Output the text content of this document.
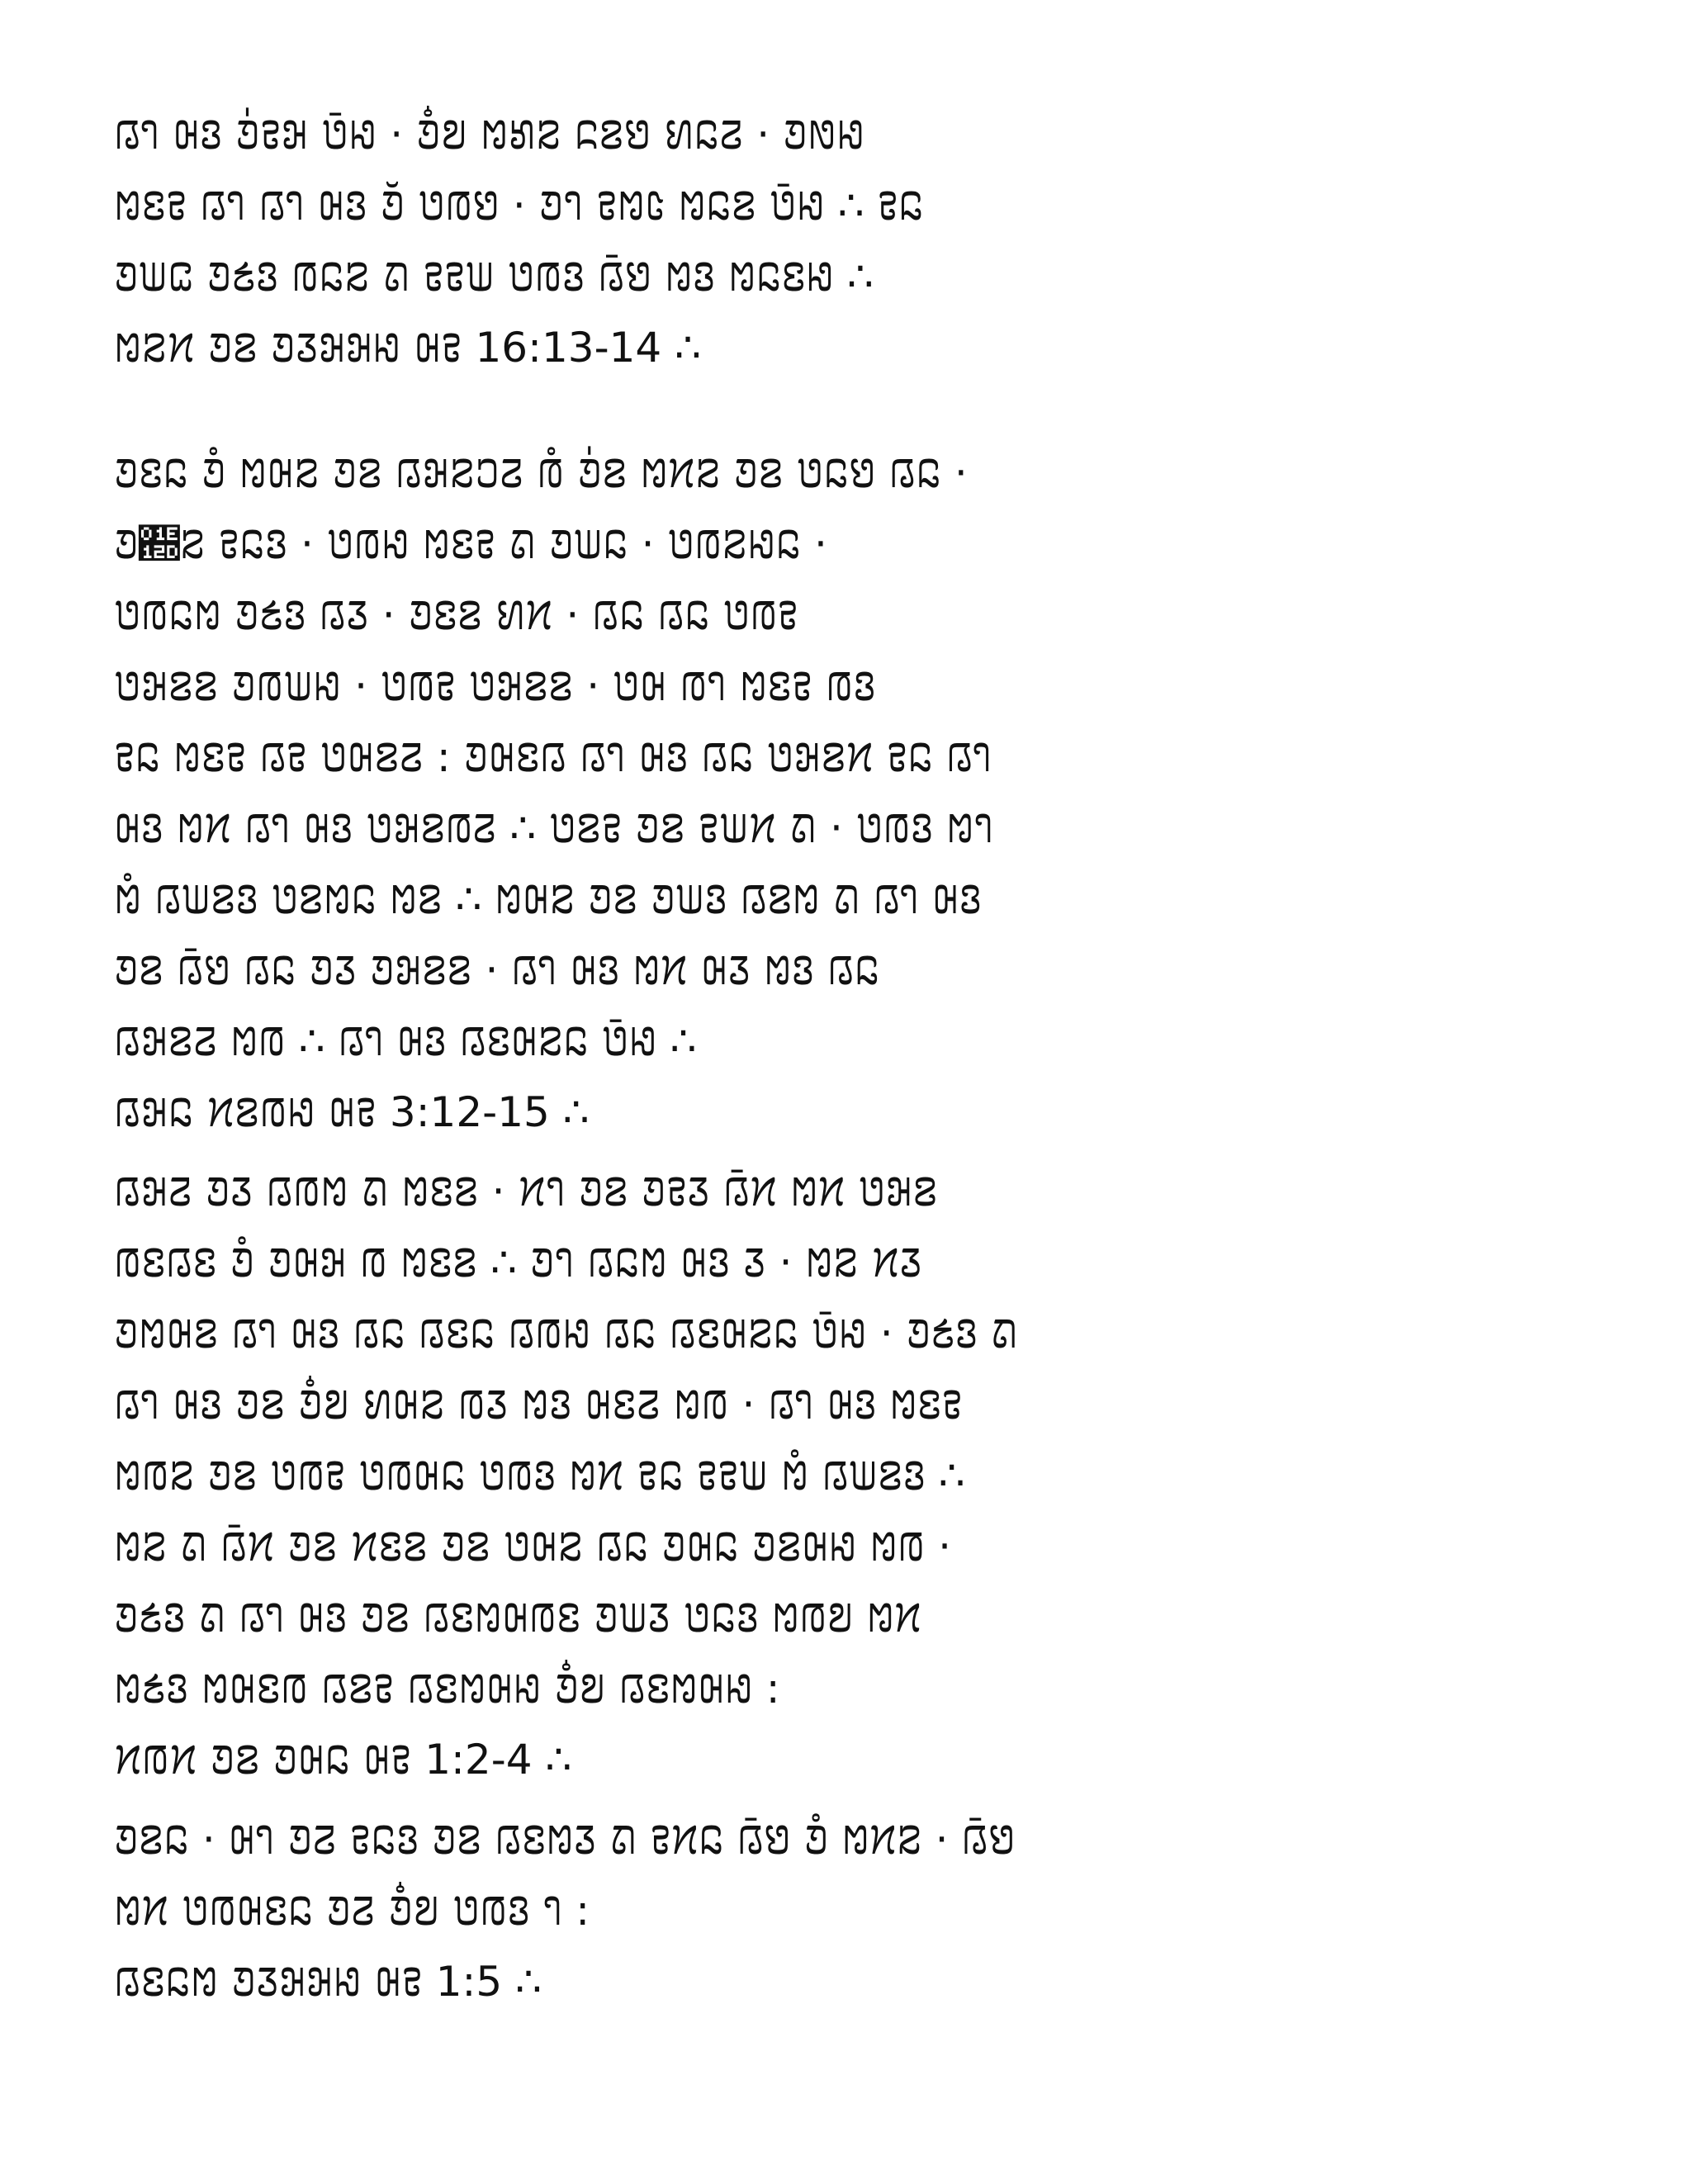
𞄀𞄤 𞄨𞄬 𞄚𞄰𞄥𞄒 𞄃𞄴𞄆 · 𞄚𞄶𞄙 𞄌𞄈𞄕 𞄍𞄓𞄖 𞄅𞄐𞄉 · 𞄚𞄂𞄆
𞄌𞄑𞄥 𞄀𞄤 𞄀𞄤 𞄨𞄬 𞄚𞄲 𞄃𞄞𞄖 · 𞄚𞄤 𞄥𞄌𞄦 𞄌𞄐𞄓 𞄃𞄴𞄆 ∴ 𞄥𞄐
𞄚𞄊𞄠 𞄚𞄢𞄬 𞄞𞄐𞄕 𞄛 𞄥𞄥𞄊 𞄃𞄞𞄬 𞄀𞄴𞄖 𞄌𞄬 𞄌𞄐𞄑𞄆 ∴
𞄌𞄕𞄔 𞄚𞄓 𞄚𞄧𞄒𞄒𞄆 𞄨𞄥 16:13-14 ∴
𞄚𞄑𞄐 𞄚𞄳 𞄌𞄨𞄕 𞄚𞄓 𞄀𞄒𞄕𞄎𞄉 𞄞𞄳 𞄚𞄰𞄓 𞄌𞄔𞄕 𞄚𞄓 𞄃𞄐𞄖 𞄀𞄐 ·
𞄚𞄭𞄕 𞄥𞄐𞄬 · 𞄃𞄞𞄆 𞄌𞄑𞄥 𞄛 𞄚𞄊𞄐 · 𞄃𞄞𞄕𞄆𞄐 ·
𞄃𞄞𞄐𞄌 𞄚𞄢𞄬 𞄀𞄧 · 𞄚𞄑𞄓 𞄅𞄔 · 𞄀𞄐 𞄀𞄐 𞄃𞄞𞄥
𞄃𞄒𞄓𞄓 𞄚𞄞𞄊𞄆 · 𞄃𞄞𞄥 𞄃𞄒𞄓𞄓 · 𞄃𞄨 𞄞𞄤 𞄌𞄑𞄥 𞄞𞄬
𞄥𞄐 𞄌𞄑𞄥 𞄀𞄥 𞄃𞄨𞄓𞄉 : 𞄚𞄨𞄑𞄀 𞄀𞄤 𞄨𞄬 𞄀𞄐 𞄃𞄒𞄓𞄔 𞄥𞄐 𞄀𞄤
𞄨𞄬 𞄌𞄔 𞄀𞄤 𞄨𞄬 𞄃𞄒𞄓𞄞𞄉 ∴ 𞄃𞄓𞄥 𞄚𞄓 𞄥𞄊𞄔 𞄛 · 𞄃𞄞𞄬 𞄌𞄤
𞄌𞄳 𞄀𞄊𞄓𞄬 𞄃𞄓𞄌𞄐 𞄌𞄓 ∴ 𞄌𞄨𞄕 𞄚𞄓 𞄚𞄊𞄬 𞄀𞄓𞄌 𞄛 𞄀𞄤 𞄨𞄬
𞄚𞄓 𞄀𞄴𞄖 𞄀𞄐 𞄚𞄧 𞄚𞄒𞄓𞄓 · 𞄀𞄤 𞄨𞄬 𞄌𞄔 𞄨𞄧 𞄌𞄬 𞄀𞄐
𞄀𞄒𞄓𞄉 𞄌𞄞 ∴ 𞄀𞄤 𞄨𞄬 𞄀𞄑𞄨𞄕𞄐 𞄃𞄴𞄆 ∴
𞄀𞄒𞄐 𞄔𞄓𞄞𞄆 𞄨𞄥 3:12-15 ∴
𞄀𞄒𞄉 𞄚𞄧 𞄀𞄞𞄌 𞄛 𞄌𞄑𞄓 · 𞄔𞄤 𞄚𞄓 𞄚𞄥𞄧 𞄀𞄴𞄔 𞄌𞄔 𞄃𞄒𞄓
𞄞𞄑𞄀𞄑 𞄚𞄳 𞄚𞄨𞄒 𞄞 𞄌𞄑𞄓 ∴ 𞄚𞄤 𞄀𞄐𞄌 𞄨𞄬 𞄧 · 𞄌𞄕 𞄔𞄧
𞄚𞄌𞄨𞄓 𞄀𞄤 𞄨𞄬 𞄀𞄐 𞄀𞄑𞄐 𞄀𞄞𞄆 𞄀𞄐 𞄀𞄑𞄨𞄕𞄐 𞄃𞄴𞄆 · 𞄚𞄢𞄬 𞄛
𞄀𞄤 𞄨𞄬 𞄚𞄓 𞄚𞄶𞄙 𞄅𞄨𞄕 𞄞𞄧 𞄌𞄬 𞄨𞄑𞄉 𞄌𞄞 · 𞄀𞄤 𞄨𞄬 𞄌𞄑𞄥
𞄌𞄞𞄕 𞄚𞄓 𞄃𞄞𞄥 𞄃𞄞𞄨𞄐 𞄃𞄞𞄬 𞄌𞄔 𞄥𞄐 𞄥𞄥𞄊 𞄌𞄳 𞄀𞄊𞄓𞄬 ∴
𞄌𞄕 𞄛 𞄀𞄴𞄔 𞄚𞄓 𞄔𞄑𞄓 𞄚𞄓 𞄃𞄨𞄕 𞄀𞄐 𞄚𞄨𞄐 𞄚𞄓𞄨𞄆 𞄌𞄞 ·
𞄚𞄢𞄬 𞄛 𞄀𞄤 𞄨𞄬 𞄚𞄓 𞄀𞄑𞄌𞄨𞄞𞄑 𞄚𞄊𞄧 𞄃𞄐𞄬 𞄌𞄞𞄙 𞄌𞄔
𞄌𞄢𞄬 𞄌𞄨𞄑𞄞 𞄀𞄓𞄥 𞄀𞄑𞄌𞄨𞄆 𞄚𞄶𞄙 𞄀𞄑𞄌𞄨𞄆 :
𞄔𞄞𞄔 𞄚𞄓 𞄚𞄨𞄐 𞄨𞄥 1:2-4 ∴
𞄚𞄓𞄐 · 𞄨𞄤 𞄚𞄉 𞄥𞄐𞄬 𞄚𞄓 𞄀𞄑𞄌𞄧 𞄛 𞄥𞄔𞄐 𞄀𞄴𞄖 𞄚𞄳 𞄌𞄔𞄕 · 𞄀𞄴𞄖
𞄌𞄔 𞄃𞄞𞄨𞄑𞄐 𞄚𞄉 𞄚𞄶𞄙 𞄃𞄞𞄬 𞄤 :
𞄀𞄑𞄐𞄌 𞄚𞄧𞄒𞄒𞄆 𞄨𞄥 1:5 ∴
